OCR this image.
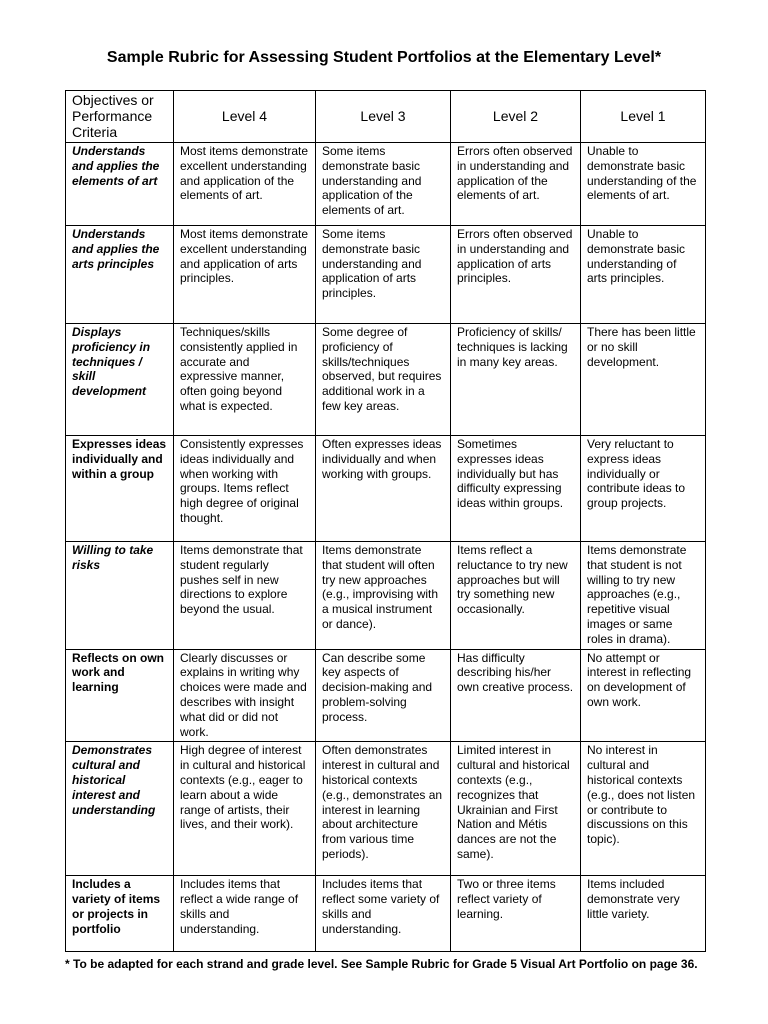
Sample Rubric for Assessing Student Portfolios at the Elementary Level*
Objectives or Performance Criteria	Level 4	Level 3	Level 2	Level 1
Understands and applies the elements of art	Most items demonstrate excellent understanding and application of the elements of art.	Some items demonstrate basic understanding and application of the elements of art.	Errors often observed in understanding and application of the elements of art.	Unable to demonstrate basic understanding of the elements of art.
Understands and applies the arts principles	Most items demonstrate excellent understanding and application of arts principles.	Some items demonstrate basic understanding and application of arts principles.	Errors often observed in understanding and application of arts principles.	Unable to demonstrate basic understanding of arts principles.
Displays proficiency in techniques / skill development	Techniques/skills consistently applied in accurate and expressive manner, often going beyond what is expected.	Some degree of proficiency of skills/techniques observed, but requires additional work in a few key areas.	Proficiency of skills/ techniques is lacking in many key areas.	There has been little or no skill development.
Expresses ideas individually and within a group	Consistently expresses ideas individually and when working with groups. Items reflect high degree of original thought.	Often expresses ideas individually and when working with groups.	Sometimes expresses ideas individually but has difficulty expressing ideas within groups.	Very reluctant to express ideas individually or contribute ideas to group projects.
Willing to take risks	Items demonstrate that student regularly pushes self in new directions to explore beyond the usual.	Items demonstrate that student will often try new approaches (e.g., improvising with a musical instrument or dance).	Items reflect a reluctance to try new approaches but will try something new occasionally.	Items demonstrate that student is not willing to try new approaches (e.g., repetitive visual images or same roles in drama).
Reflects on own work and learning	Clearly discusses or explains in writing why choices were made and describes with insight what did or did not work.	Can describe some key aspects of decision-making and problem-solving process.	Has difficulty describing his/her own creative process.	No attempt or interest in reflecting on development of own work.
Demonstrates cultural and historical interest and understanding	High degree of interest in cultural and historical contexts (e.g., eager to learn about a wide range of artists, their lives, and their work).	Often demonstrates interest in cultural and historical contexts (e.g., demonstrates an interest in learning about architecture from various time periods).	Limited interest in cultural and historical contexts (e.g., recognizes that Ukrainian and First Nation and Métis dances are not the same).	No interest in cultural and historical contexts (e.g., does not listen or contribute to discussions on this topic).
Includes a variety of items or projects in portfolio	Includes items that reflect a wide range of skills and understanding.	Includes items that reflect some variety of skills and understanding.	Two or three items reflect variety of learning.	Items included demonstrate very little variety.
* To be adapted for each strand and grade level. See Sample Rubric for Grade 5 Visual Art Portfolio on page 36.
